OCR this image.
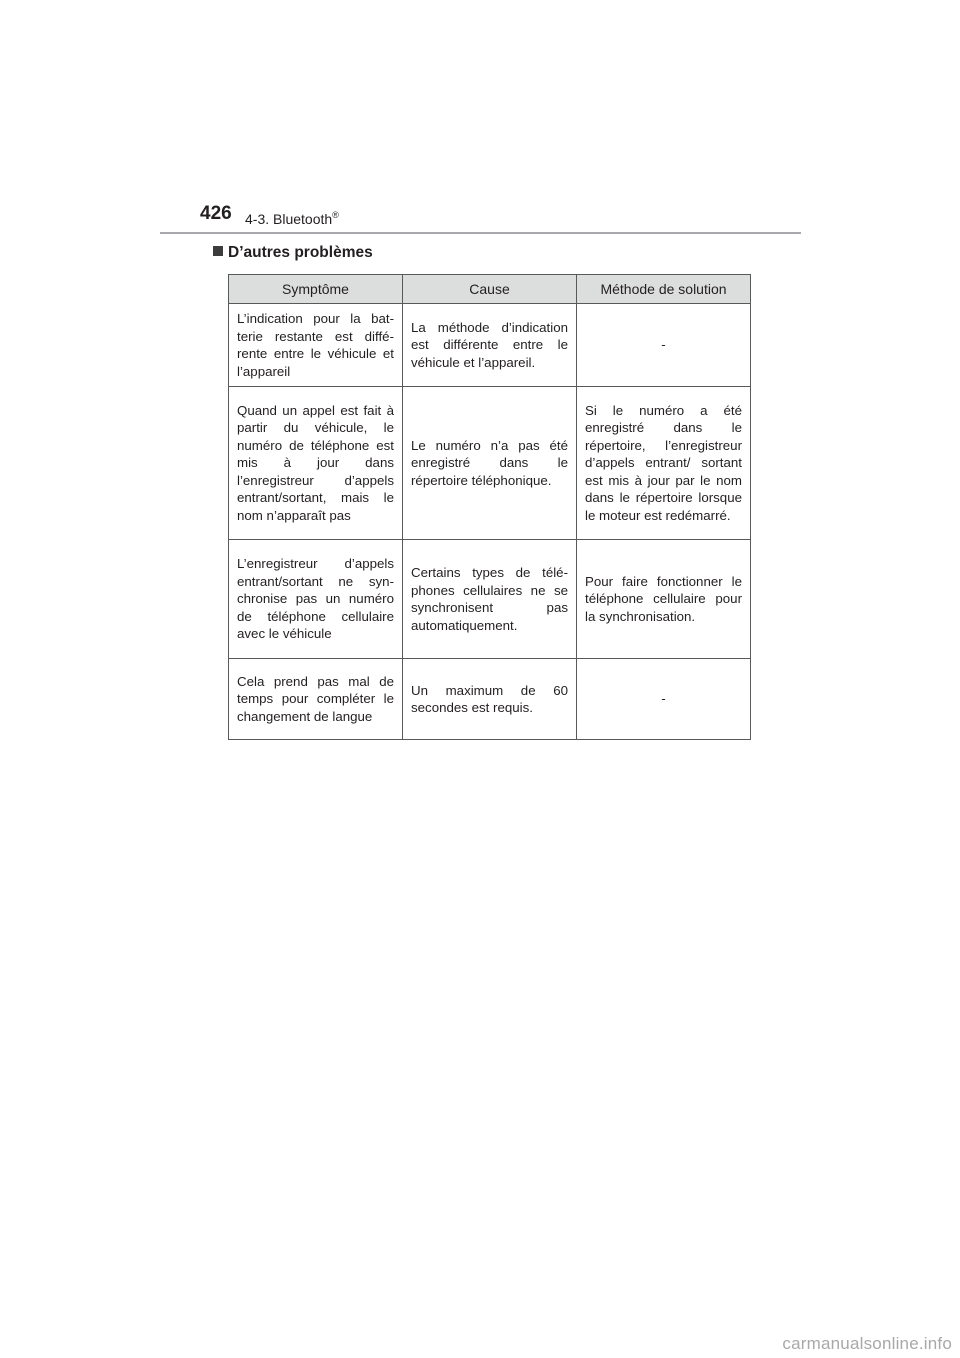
426 4-3. Bluetooth®
D’autres problèmes
Symptôme	Cause	Méthode de solution
L’indication pour la batterie restante est différente entre le véhicule et l’appareil	La méthode d’indication est différente entre le véhicule et l’appareil.	-
Quand un appel est fait à partir du véhicule, le numéro de téléphone est mis à jour dans l’enregistreur d’appels entrant/sortant, mais le nom n’apparaît pas	Le numéro n’a pas été enregistré dans le répertoire téléphonique.	Si le numéro a été enregistré dans le répertoire, l’enregistreur d’appels entrant/ sortant est mis à jour par le nom dans le répertoire lorsque le moteur est redémarré.
L’enregistreur d’appels entrant/sortant ne synchronise pas un numéro de téléphone cellulaire avec le véhicule	Certains types de téléphones cellulaires ne se synchronisent pas automatiquement.	Pour faire fonctionner le téléphone cellulaire pour la synchronisation.
Cela prend pas mal de temps pour compléter le changement de langue	Un maximum de 60 secondes est requis.	-
carmanualsonline.info
